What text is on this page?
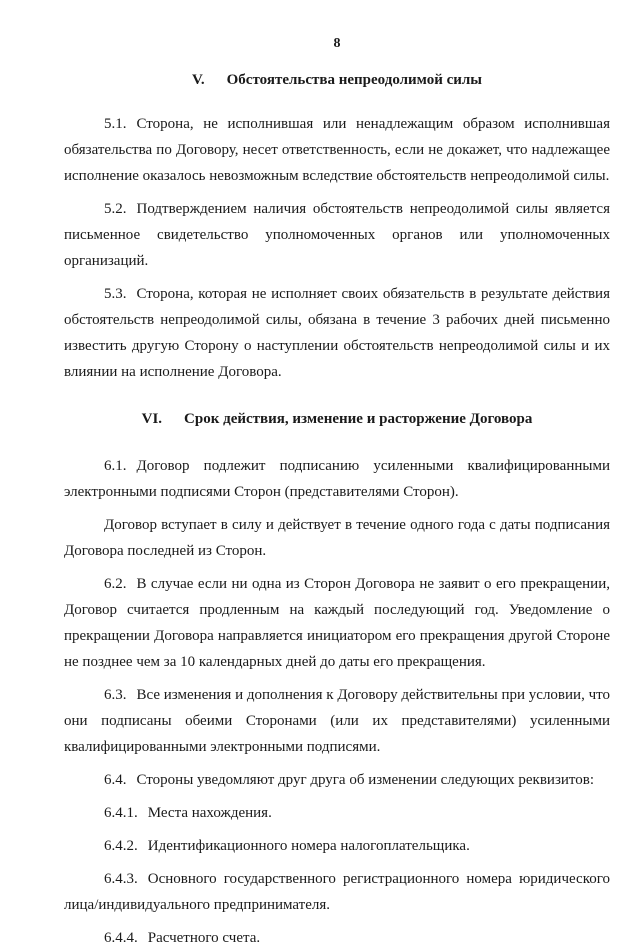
8
V. Обстоятельства непреодолимой силы

5.1. Сторона, не исполнившая или ненадлежащим образом исполнившая обязательства по Договору, несет ответственность, если не докажет, что надлежащее исполнение оказалось невозможным вследствие обстоятельств непреодолимой силы.

5.2. Подтверждением наличия обстоятельств непреодолимой силы является письменное свидетельство уполномоченных органов или уполномоченных организаций.

5.3. Сторона, которая не исполняет своих обязательств в результате действия обстоятельств непреодолимой силы, обязана в течение 3 рабочих дней письменно известить другую Сторону о наступлении обстоятельств непреодолимой силы и их влиянии на исполнение Договора.

VI. Срок действия, изменение и расторжение Договора

6.1. Договор подлежит подписанию усиленными квалифицированными электронными подписями Сторон (представителями Сторон).

Договор вступает в силу и действует в течение одного года с даты подписания Договора последней из Сторон.

6.2. В случае если ни одна из Сторон Договора не заявит о его прекращении, Договор считается продленным на каждый последующий год. Уведомление о прекращении Договора направляется инициатором его прекращения другой Стороне не позднее чем за 10 календарных дней до даты его прекращения.

6.3. Все изменения и дополнения к Договору действительны при условии, что они подписаны обеими Сторонами (или их представителями) усиленными квалифицированными электронными подписями.

6.4. Стороны уведомляют друг друга об изменении следующих реквизитов:

6.4.1. Места нахождения.

6.4.2. Идентификационного номера налогоплательщика.

6.4.3. Основного государственного регистрационного номера юридического лица/индивидуального предпринимателя.

6.4.4. Расчетного счета.
